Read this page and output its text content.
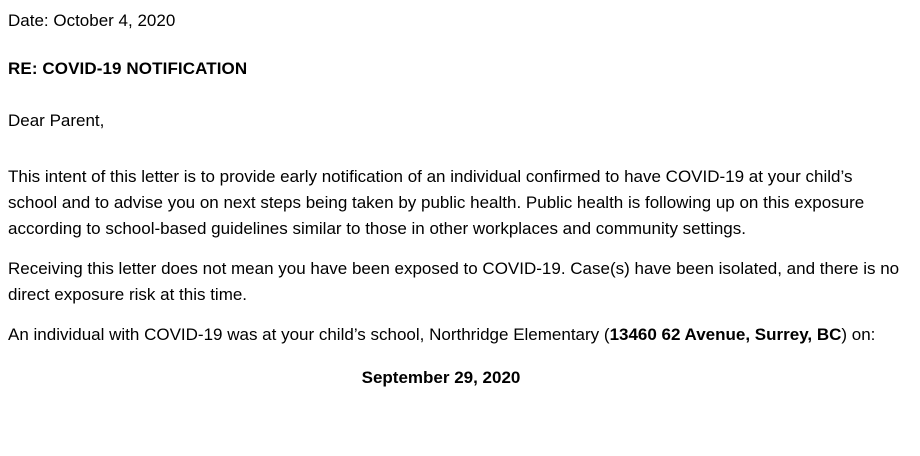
Date: October 4, 2020

RE: COVID-19 NOTIFICATION

Dear Parent,

This intent of this letter is to provide early notification of an individual confirmed to have COVID-19 at your child’s school and to advise you on next steps being taken by public health. Public health is following up on this exposure according to school-based guidelines similar to those in other workplaces and community settings.

Receiving this letter does not mean you have been exposed to COVID-19. Case(s) have been isolated, and there is no direct exposure risk at this time.

An individual with COVID-19 was at your child’s school, Northridge Elementary (13460 62 Avenue, Surrey, BC) on:

September 29, 2020
